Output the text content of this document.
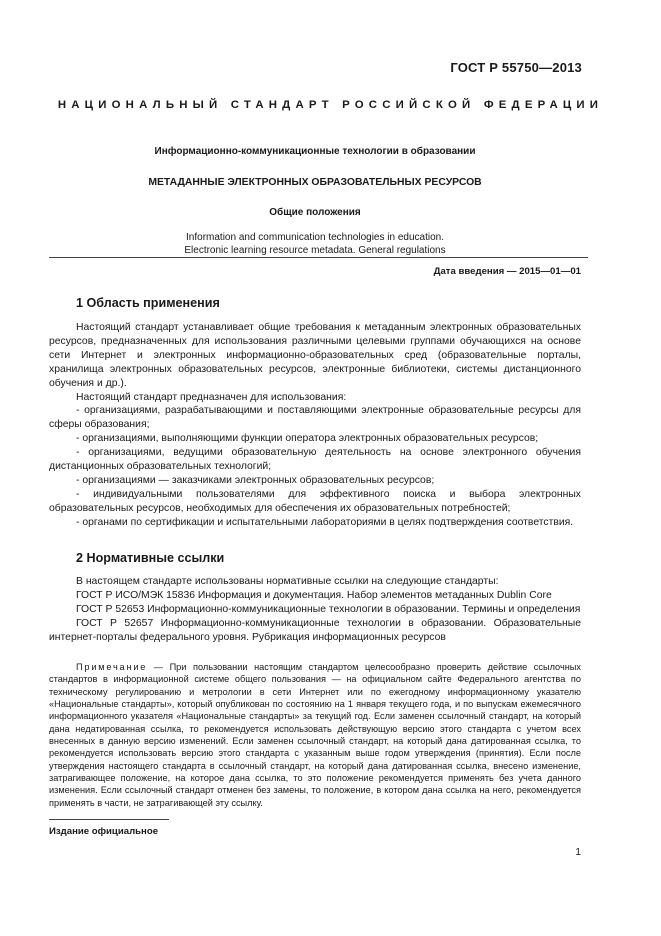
ГОСТ Р 55750—2013
НАЦИОНАЛЬНЫЙ СТАНДАРТ РОССИЙСКОЙ ФЕДЕРАЦИИ
Информационно-коммуникационные технологии в образовании
МЕТАДАННЫЕ ЭЛЕКТРОННЫХ ОБРАЗОВАТЕЛЬНЫХ РЕСУРСОВ
Общие положения
Information and communication technologies in education.
Electronic learning resource metadata. General regulations
Дата введения — 2015—01—01
1 Область применения
Настоящий стандарт устанавливает общие требования к метаданным электронных образовательных ресурсов, предназначенных для использования различными целевыми группами обучающихся на основе сети Интернет и электронных информационно-образовательных сред (образовательные порталы, хранилища электронных образовательных ресурсов, электронные библиотеки, системы дистанционного обучения и др.).
Настоящий стандарт предназначен для использования:
- организациями, разрабатывающими и поставляющими электронные образовательные ресурсы для сферы образования;
- организациями, выполняющими функции оператора электронных образовательных ресурсов;
- организациями, ведущими образовательную деятельность на основе электронного обучения дистанционных образовательных технологий;
- организациями — заказчиками электронных образовательных ресурсов;
- индивидуальными пользователями для эффективного поиска и выбора электронных образовательных ресурсов, необходимых для обеспечения их образовательных потребностей;
- органами по сертификации и испытательными лабораториями в целях подтверждения соответствия.
2 Нормативные ссылки
В настоящем стандарте использованы нормативные ссылки на следующие стандарты:
ГОСТ Р ИСО/МЭК 15836 Информация и документация. Набор элементов метаданных Dublin Core
ГОСТ Р 52653 Информационно-коммуникационные технологии в образовании. Термины и определения
ГОСТ Р 52657 Информационно-коммуникационные технологии в образовании. Образовательные интернет-порталы федерального уровня. Рубрикация информационных ресурсов
Примечание — При пользовании настоящим стандартом целесообразно проверить действие ссылочных стандартов в информационной системе общего пользования — на официальном сайте Федерального агентства по техническому регулированию и метрологии в сети Интернет или по ежегодному информационному указателю «Национальные стандарты», который опубликован по состоянию на 1 января текущего года, и по выпускам ежемесячного информационного указателя «Национальные стандарты» за текущий год. Если заменен ссылочный стандарт, на который дана недатированная ссылка, то рекомендуется использовать действующую версию этого стандарта с учетом всех внесенных в данную версию изменений. Если заменен ссылочный стандарт, на который дана датированная ссылка, то рекомендуется использовать версию этого стандарта с указанным выше годом утверждения (принятия). Если после утверждения настоящего стандарта в ссылочный стандарт, на который дана датированная ссылка, внесено изменение, затрагивающее положение, на которое дана ссылка, то это положение рекомендуется применять без учета данного изменения. Если ссылочный стандарт отменен без замены, то положение, в котором дана ссылка на него, рекомендуется применять в части, не затрагивающей эту ссылку.
Издание официальное
1
